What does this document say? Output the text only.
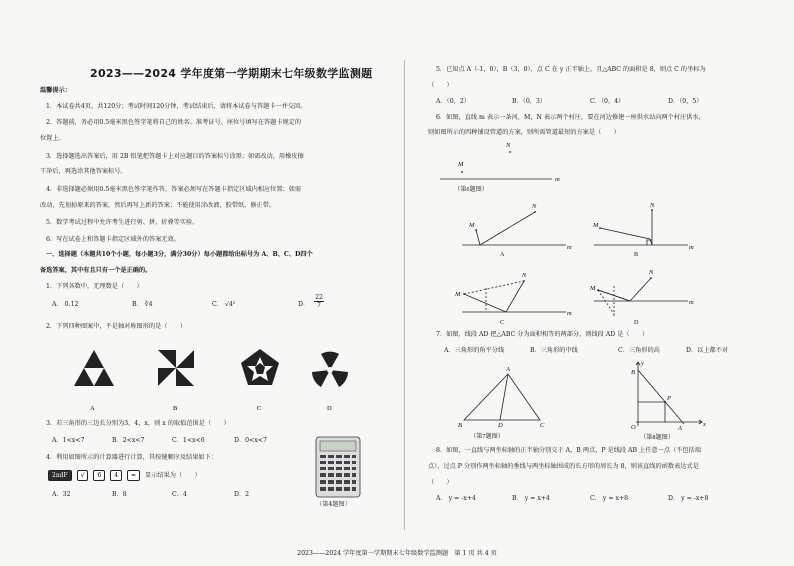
2023——2024 学年度第一学期期末七年级数学监测题
温馨提示：
1．本试卷共4页，共120分；考试时间120分钟，考试结束后，请将本试卷与答题卡一并交回。
2．答题前，务必用0.5毫米黑色签字笔将自己的姓名、准考证号、座位号填写在答题卡规定的
位置上。
3．选择题选出答案后，用 2B 铅笔把答题卡上对应题目的答案标号涂黑；如需改动，用橡皮擦
干净后，再选涂其他答案标号。
4．非选择题必须用0.5毫米黑色签字笔作答，答案必须写在答题卡指定区域内相应位置；如需
改动，先划掉原来的答案，然后再写上新的答案；不能使用涂改液、胶带纸、修正带。
5．数学考试过程中允许考生进行剪、拼、折叠等实验。
6．写在试卷上和答题卡指定区域外的答案无效。
一、选择题（本题共10个小题，每小题3分，满分30分）每小题都给出标号为 A、B、C、D四个
备选答案，其中有且只有一个是正确的。
1．下列各数中，无理数是（　　）
A． 0.12	B． ∛4	C． √4²	D． $\frac{22}{7}$
2．下列四种图案中，不是轴对称图形的是（　　）
A	B	C	D
3．若三角形的三边长分别为3，4，x，则 x 的取值范围是（　　）
A．1<x<7	B．2<x<7	C．1<x<6	D．0<x<7
4．利用如图所示的计算器进行计算，其按键顺序及结果如下：
2ndF √ 6 4 = 显示结果为（　　）
A．32	B．8	C．4	D．2
（第4题图）
5．已知点 A（-1，0），B（3，0），点 C 在 y 正半轴上，且△ABC 的面积是 8，则点 C 的坐标为
（　　）
A．（0，2）	B．（0，3）	C．（0，4）	D．（0，5）
6．如图，直线 m 表示一条河，M，N 表示两个村庄，要在河边修建一座供水站向两个村庄供水，
则如图所示的四种铺设管道的方案，则所需管道最短的方案是（　　）
M
N
m
M
N
m
M
N
m
M
N
m
M
N
m
（第6题图）
A	B
C	D
7．如图，线段 AD 把△ABC 分为面积相等的两部分，则线段 AD 是（　　）
A．三角形的角平分线	B．三角形的中线	C．三角形的高	D．以上都不对
A
B	D	C
（第7题图）
y
x
O
B
A
P
（第8题图）
8．如图，一直线与两坐标轴的正半轴分别交于 A，B 两点，P 是线段 AB 上任意一点（不包括端
点），过点 P 分别作两坐标轴的垂线与两坐标轴围成的长方形的周长为 8，则该直线的函数表达式是
（　　）
A． y = -x+4	B． y = x+4	C． y = x+8	D． y = -x+8
2023——2024 学年度第一学期期末七年级数学监测题　第 1 页 共 4 页
